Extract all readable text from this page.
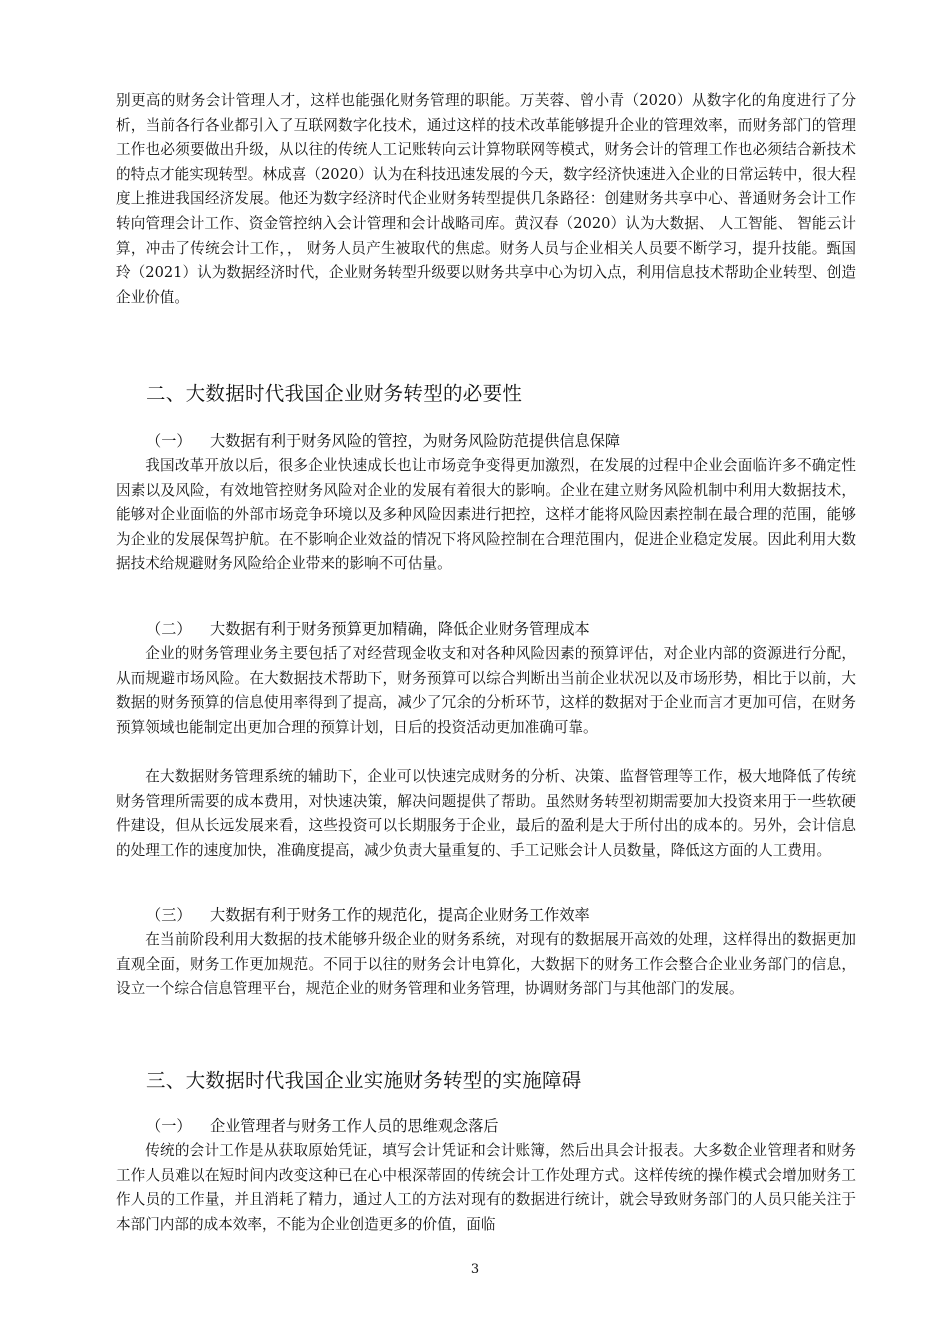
别更高的财务会计管理人才，这样也能强化财务管理的职能。万芙蓉、曾小青（2020）从数字化的角度进行了分析，当前各行各业都引入了互联网数字化技术，通过这样的技术改革能够提升企业的管理效率，而财务部门的管理工作也必须要做出升级，从以往的传统人工记账转向云计算物联网等模式，财务会计的管理工作也必须结合新技术的特点才能实现转型。林成喜（2020）认为在科技迅速发展的今天，数字经济快速进入企业的日常运转中，很大程度上推进我国经济发展。他还为数字经济时代企业财务转型提供几条路径：创建财务共享中心、普通财务会计工作转向管理会计工作、资金管控纳入会计管理和会计战略司库。黄汉春（2020）认为大数据、 人工智能、 智能云计算，冲击了传统会计工作，， 财务人员产生被取代的焦虑。财务人员与企业相关人员要不断学习，提升技能。甄国玲（2021）认为数据经济时代，企业财务转型升级要以财务共享中心为切入点，利用信息技术帮助企业转型、创造企业价值。

二、大数据时代我国企业财务转型的必要性
（一） 大数据有利于财务风险的管控，为财务风险防范提供信息保障

我国改革开放以后，很多企业快速成长也让市场竞争变得更加激烈，在发展的过程中企业会面临许多不确定性因素以及风险，有效地管控财务风险对企业的发展有着很大的影响。企业在建立财务风险机制中利用大数据技术，能够对企业面临的外部市场竞争环境以及多种风险因素进行把控，这样才能将风险因素控制在最合理的范围，能够为企业的发展保驾护航。在不影响企业效益的情况下将风险控制在合理范围内，促进企业稳定发展。因此利用大数据技术给规避财务风险给企业带来的影响不可估量。

（二） 大数据有利于财务预算更加精确，降低企业财务管理成本

企业的财务管理业务主要包括了对经营现金收支和对各种风险因素的预算评估，对企业内部的资源进行分配，从而规避市场风险。在大数据技术帮助下，财务预算可以综合判断出当前企业状况以及市场形势，相比于以前，大数据的财务预算的信息使用率得到了提高，减少了冗余的分析环节，这样的数据对于企业而言才更加可信，在财务预算领域也能制定出更加合理的预算计划，日后的投资活动更加准确可靠。

在大数据财务管理系统的辅助下，企业可以快速完成财务的分析、决策、监督管理等工作，极大地降低了传统财务管理所需要的成本费用，对快速决策，解决问题提供了帮助。虽然财务转型初期需要加大投资来用于一些软硬件建设，但从长远发展来看，这些投资可以长期服务于企业，最后的盈利是大于所付出的成本的。另外，会计信息的处理工作的速度加快，准确度提高，减少负责大量重复的、手工记账会计人员数量，降低这方面的人工费用。

（三） 大数据有利于财务工作的规范化，提高企业财务工作效率

在当前阶段利用大数据的技术能够升级企业的财务系统，对现有的数据展开高效的处理，这样得出的数据更加直观全面，财务工作更加规范。不同于以往的财务会计电算化，大数据下的财务工作会整合企业业务部门的信息，设立一个综合信息管理平台，规范企业的财务管理和业务管理，协调财务部门与其他部门的发展。

三、大数据时代我国企业实施财务转型的实施障碍
（一） 企业管理者与财务工作人员的思维观念落后

传统的会计工作是从获取原始凭证，填写会计凭证和会计账簿，然后出具会计报表。大多数企业管理者和财务工作人员难以在短时间内改变这种已在心中根深蒂固的传统会计工作处理方式。这样传统的操作模式会增加财务工作人员的工作量，并且消耗了精力，通过人工的方法对现有的数据进行统计，就会导致财务部门的人员只能关注于本部门内部的成本效率，不能为企业创造更多的价值，面临

3
